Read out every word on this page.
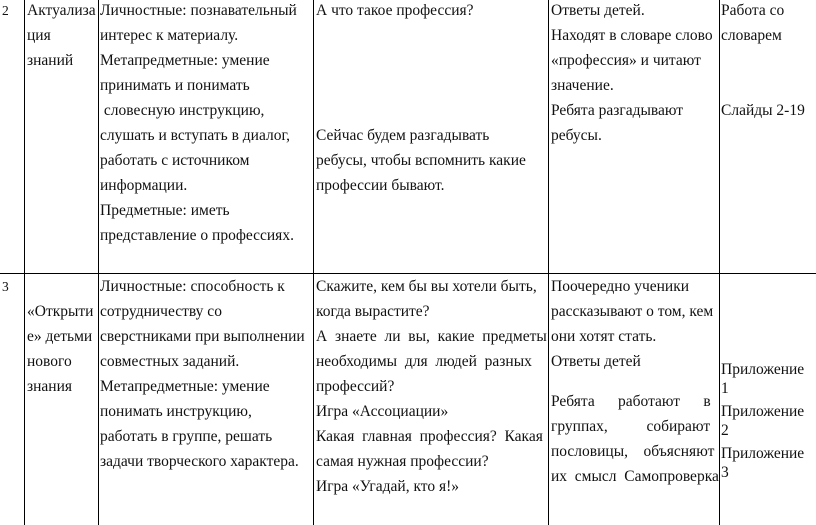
2 Актуализа
ция
знаний
Личностные: познавательный
интерес к материалу.
Метапредметные: умение
принимать и понимать
словесную инструкцию,
слушать и вступать в диалог,
работать с источником
информации.
Предметные: иметь
представление о профессиях.
А что такое профессия?
Сейчас будем разгадывать
ребусы, чтобы вспомнить какие
профессии бывают.
Ответы детей.
Находят в словаре слово
«профессия» и читают
значение.
Ребята разгадывают
ребусы.
Работа со
словарем
Слайды 2-19
3
«Открыти
е» детьми
нового
знания
Личностные: способность к
сотрудничеству со
сверстниками при выполнении
совместных заданий.
Метапредметные: умение
понимать инструкцию,
работать в группе, решать
задачи творческого характера.
Скажите, кем бы вы хотели быть,
когда вырастите?
А  знаете  ли  вы,  какие  предметы
необходимы  для  людей  разных
профессий?
Игра «Ассоциации»
Какая  главная  профессия?  Какая
самая нужная профессии?
Игра «Угадай, кто я!»
Поочередно ученики
рассказывают о том, кем
они хотят стать.
Ответы детей
Ребята      работают      в
группах,          собирают
пословицы,    объясняют
их  смысл  Самопроверка
Приложение
1
Приложение
2
Приложение
3
